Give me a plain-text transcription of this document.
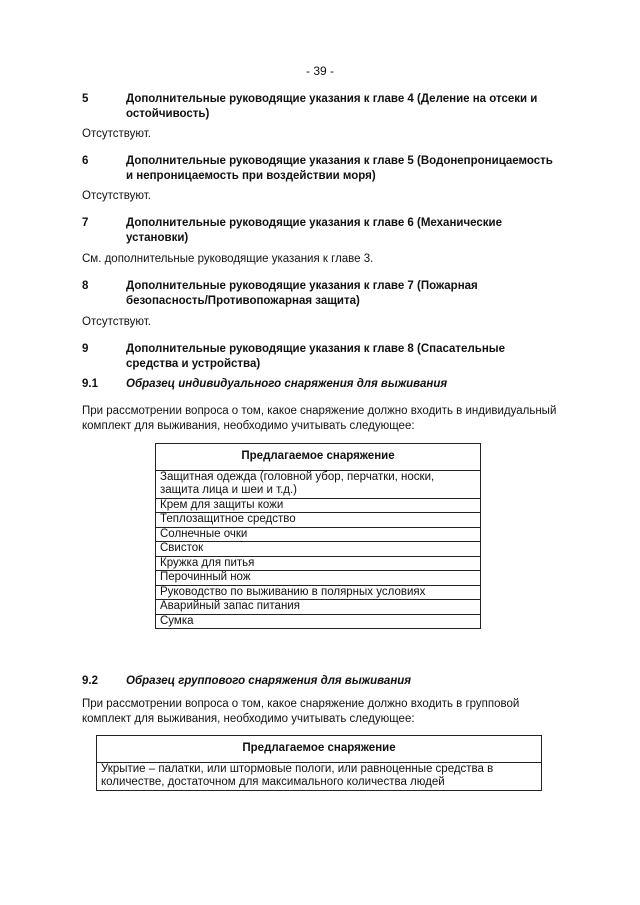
- 39 -
5	Дополнительные руководящие указания к главе 4 (Деление на отсеки и остойчивость)
Отсутствуют.
6	Дополнительные руководящие указания к главе 5 (Водонепроницаемость и непроницаемость при воздействии моря)
Отсутствуют.
7	Дополнительные руководящие указания к главе 6 (Механические установки)
См. дополнительные руководящие указания к главе 3.
8	Дополнительные руководящие указания к главе 7 (Пожарная безопасность/Противопожарная защита)
Отсутствуют.
9	Дополнительные руководящие указания к главе 8 (Спасательные средства и устройства)
9.1 Образец индивидуального снаряжения для выживания
При рассмотрении вопроса о том, какое снаряжение должно входить в индивидуальный комплект для выживания, необходимо учитывать следующее:
Предлагаемое снаряжение
Защитная одежда (головной убор, перчатки, носки, защита лица и шеи и т.д.)
Крем для защиты кожи
Теплозащитное средство
Солнечные очки
Свисток
Кружка для питья
Перочинный нож
Руководство по выживанию в полярных условиях
Аварийный запас питания
Сумка
9.2 Образец группового снаряжения для выживания
При рассмотрении вопроса о том, какое снаряжение должно входить в групповой комплект для выживания, необходимо учитывать следующее:
Предлагаемое снаряжение
Укрытие – палатки, или штормовые пологи, или равноценные средства в количестве, достаточном для максимального количества людей
